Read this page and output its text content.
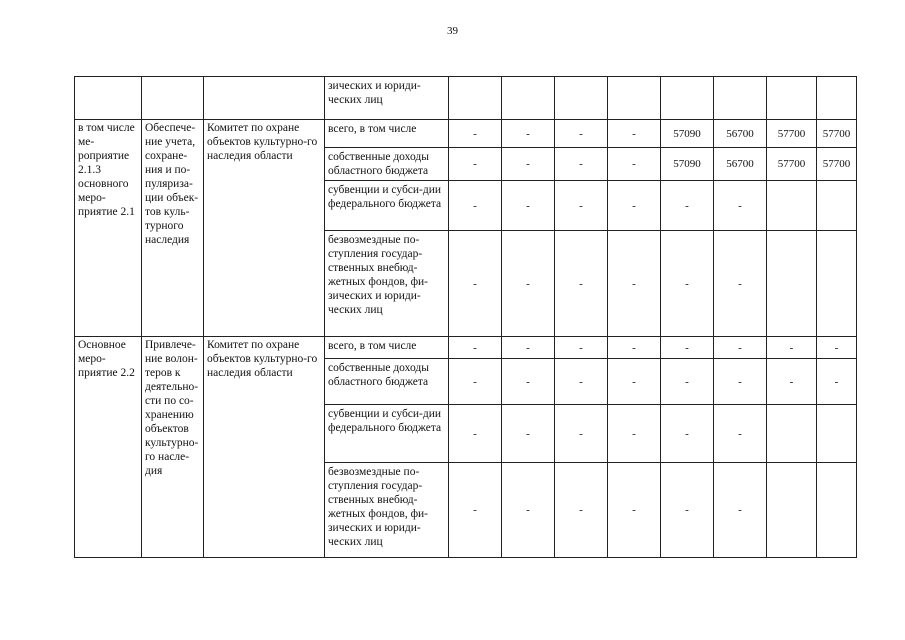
39
			зических и юриди-
ческих лиц								
в том числе ме-роприятие 2.1.3 основного меро-приятие 2.1	Обеспече-ние учета, сохране-ния и по-пуляриза-ции объек-тов куль-турного наследия	Комитет по охране объектов культурно-го наследия области	всего, в том числе	-	-	-	-	57090	56700	57700	57700
			собственные доходы областного бюджета	-	-	-	-	57090	56700	57700	57700
			субвенции и субси-дии федерального бюджета	-	-	-	-	-	-		
			безвозмездные по-ступления государ-ственных внебюд-жетных фондов, фи-зических и юриди-ческих лиц	-	-	-	-	-	-		
Основное меро-приятие 2.2	Привлече-ние волон-теров к деятельно-сти по со-хранению объектов культурно-го насле-дия	Комитет по охране объектов культурно-го наследия области	всего, в том числе	-	-	-	-	-	-	-	-
			собственные доходы областного бюджета	-	-	-	-	-	-	-	-
			субвенции и субси-дии федерального бюджета	-	-	-	-	-	-		
			безвозмездные по-ступления государ-ственных внебюд-жетных фондов, фи-зических и юриди-ческих лиц	-	-	-	-	-	-		
